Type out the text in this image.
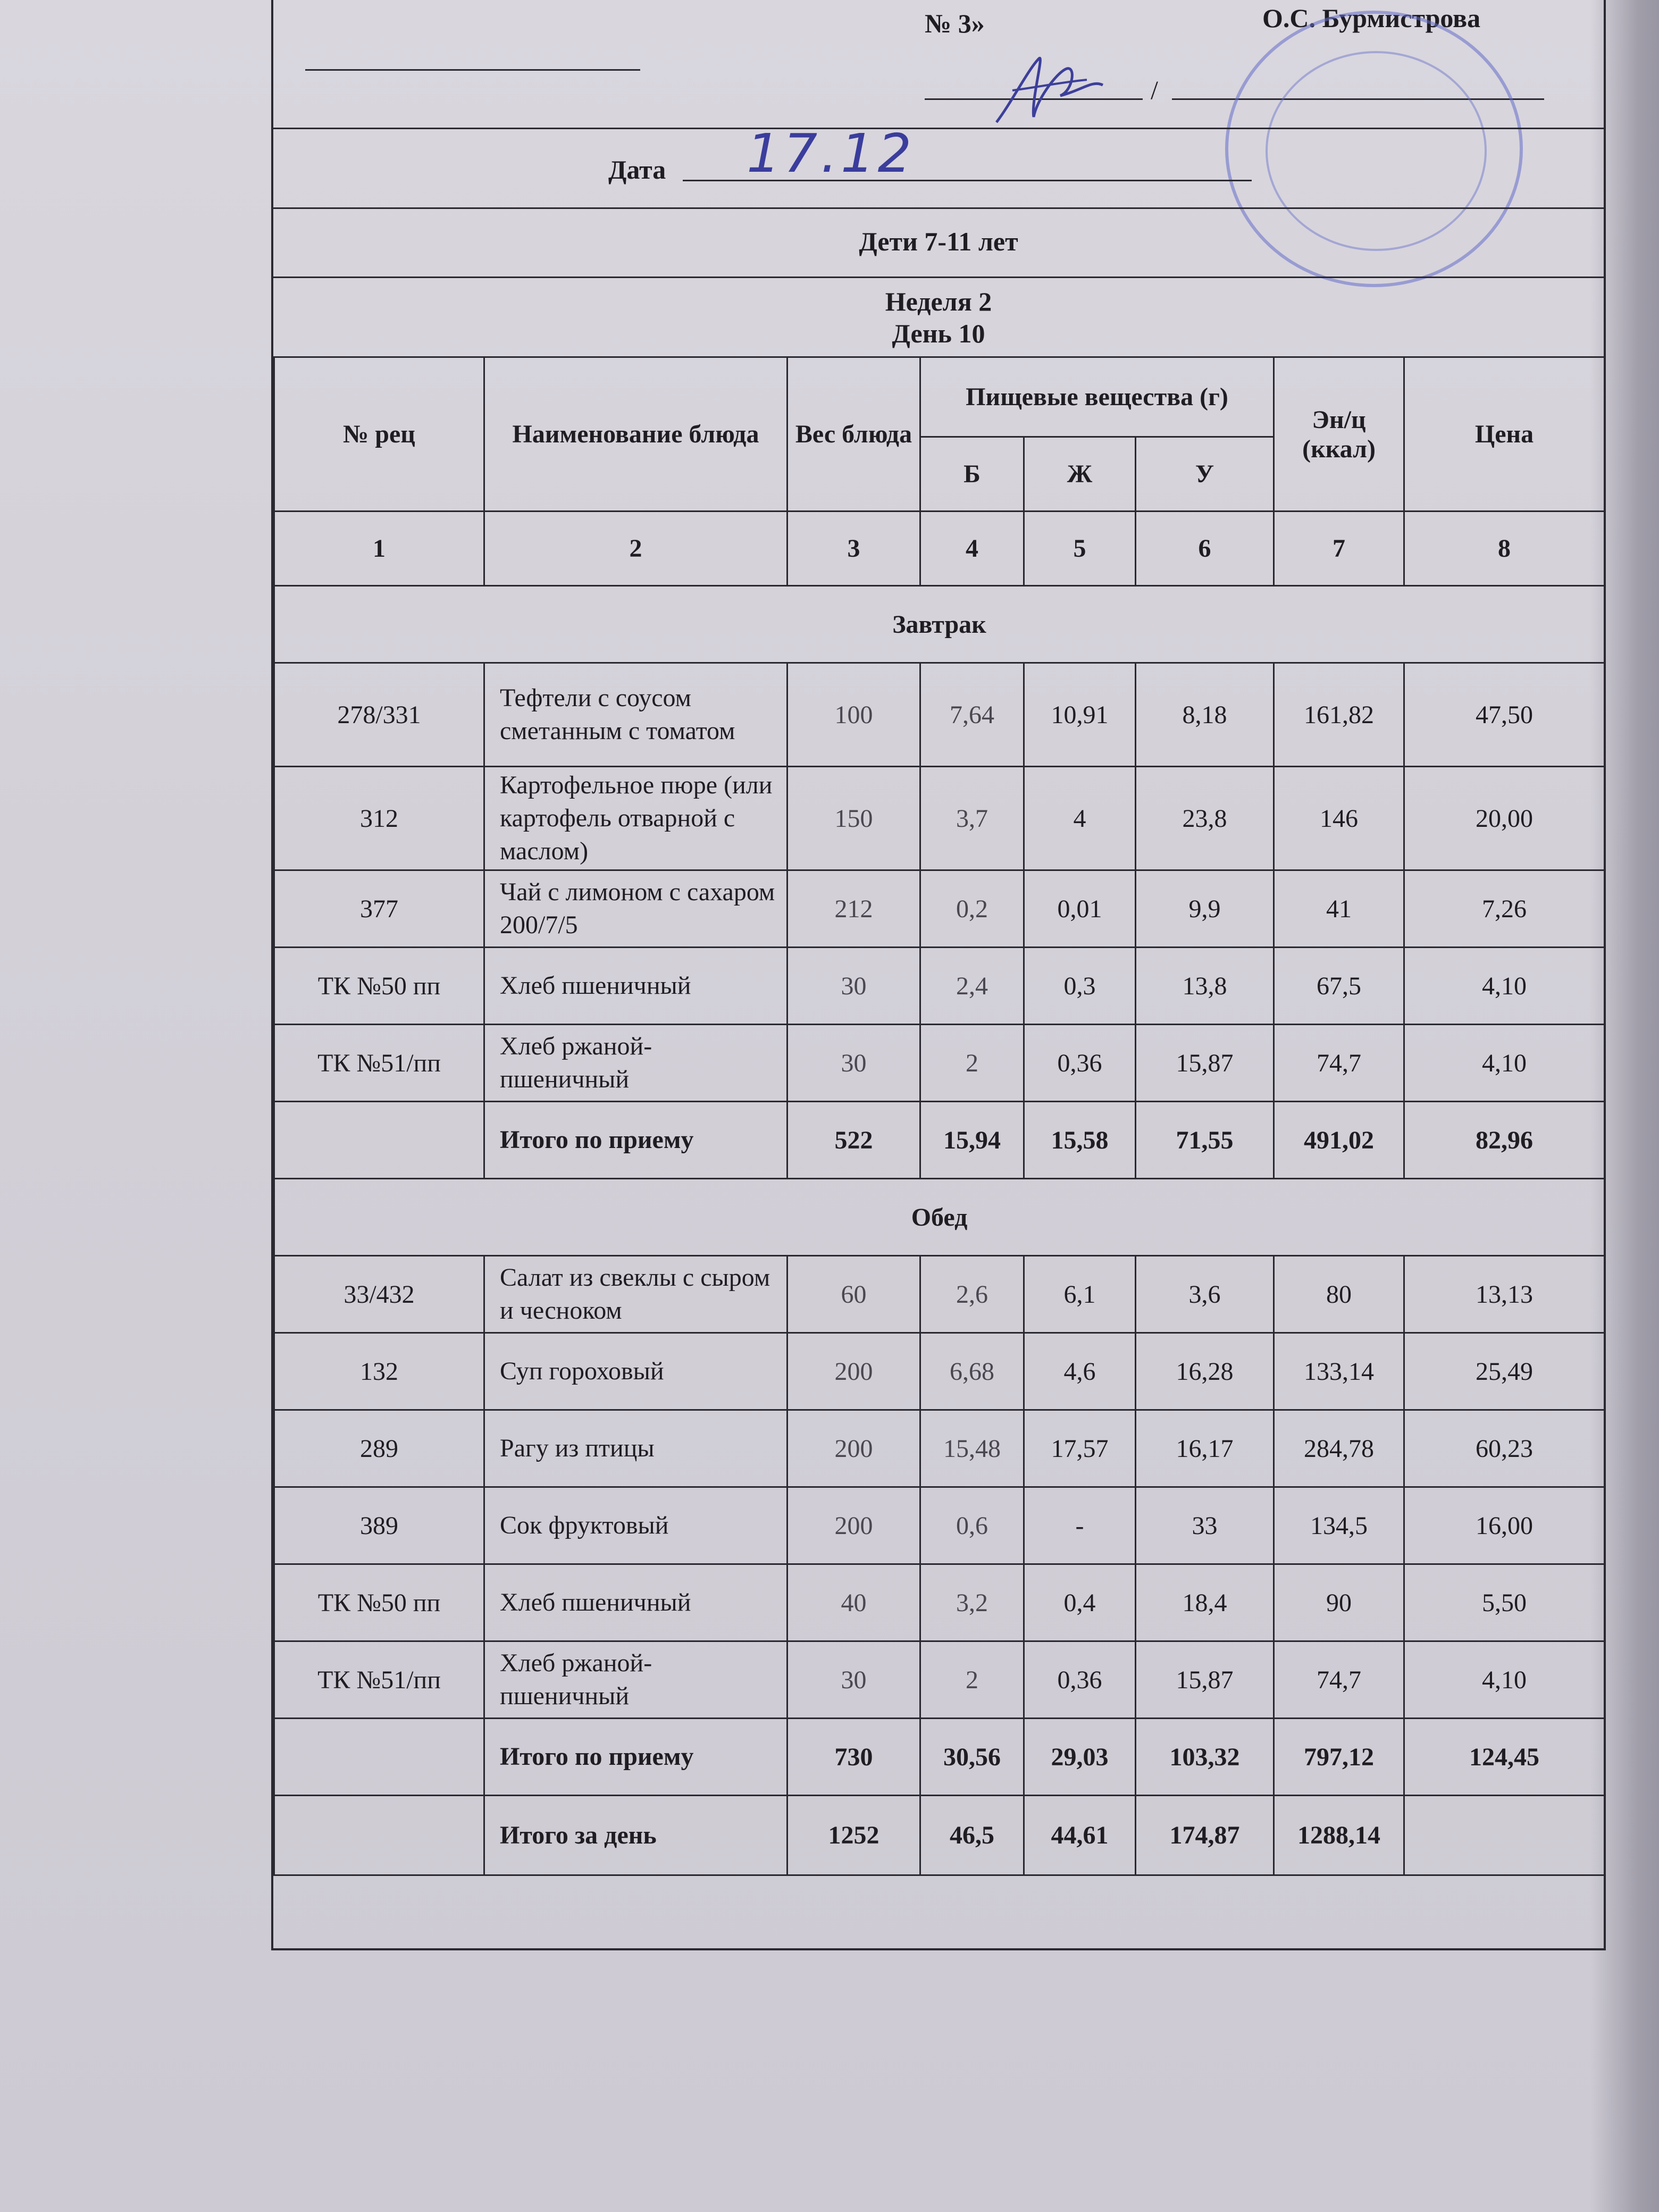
№ 3»	О.С. Бурмистрова
/
Дата 17.12
Дети 7-11 лет
Неделя 2
День 10
№ рец	Наименование блюда	Вес блюда	Пищевые вещества (г)			Эн/ц (ккал)	Цена
			Б	Ж	У		
1	2	3	4	5	6	7	8
Завтрак							
278/331	Тефтели с соусом сметанным с томатом	100	7,64	10,91	8,18	161,82	47,50
312	Картофельное пюре (или картофель отварной с маслом)	150	3,7	4	23,8	146	20,00
377	Чай с лимоном с сахаром 200/7/5	212	0,2	0,01	9,9	41	7,26
ТК №50 пп	Хлеб пшеничный	30	2,4	0,3	13,8	67,5	4,10
ТК №51/пп	Хлеб ржаной-пшеничный	30	2	0,36	15,87	74,7	4,10
	Итого по приему	522	15,94	15,58	71,55	491,02	82,96
Обед							
33/432	Салат из свеклы с сыром и чесноком	60	2,6	6,1	3,6	80	13,13
132	Суп гороховый	200	6,68	4,6	16,28	133,14	25,49
289	Рагу из птицы	200	15,48	17,57	16,17	284,78	60,23
389	Сок фруктовый	200	0,6	-	33	134,5	16,00
ТК №50 пп	Хлеб пшеничный	40	3,2	0,4	18,4	90	5,50
ТК №51/пп	Хлеб ржаной-пшеничный	30	2	0,36	15,87	74,7	4,10
	Итого по приему	730	30,56	29,03	103,32	797,12	124,45
	Итого за день	1252	46,5	44,61	174,87	1288,14	
